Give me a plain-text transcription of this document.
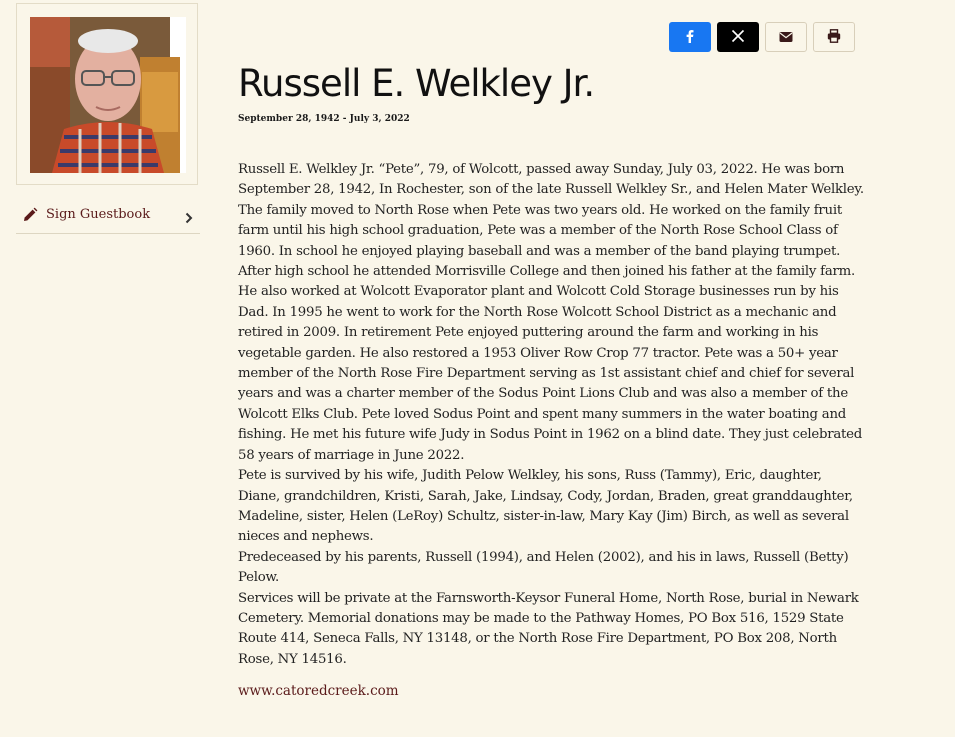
Sign Guestbook
Russell E. Welkley Jr.
September 28, 1942 - July 3, 2022

Russell E. Welkley Jr. “Pete”, 79, of Wolcott, passed away Sunday, July 03, 2022. He was born September 28, 1942, In Rochester, son of the late Russell Welkley Sr., and Helen Mater Welkley. The family moved to North Rose when Pete was two years old. He worked on the family fruit farm until his high school graduation, Pete was a member of the North Rose School Class of 1960. In school he enjoyed playing baseball and was a member of the band playing trumpet. After high school he attended Morrisville College and then joined his father at the family farm. He also worked at Wolcott Evaporator plant and Wolcott Cold Storage businesses run by his Dad. In 1995 he went to work for the North Rose Wolcott School District as a mechanic and retired in 2009. In retirement Pete enjoyed puttering around the farm and working in his vegetable garden. He also restored a 1953 Oliver Row Crop 77 tractor. Pete was a 50+ year member of the North Rose Fire Department serving as 1st assistant chief and chief for several years and was a charter member of the Sodus Point Lions Club and was also a member of the Wolcott Elks Club. Pete loved Sodus Point and spent many summers in the water boating and fishing. He met his future wife Judy in Sodus Point in 1962 on a blind date. They just celebrated 58 years of marriage in June 2022.

Pete is survived by his wife, Judith Pelow Welkley, his sons, Russ (Tammy), Eric, daughter, Diane, grandchildren, Kristi, Sarah, Jake, Lindsay, Cody, Jordan, Braden, great granddaughter, Madeline, sister, Helen (LeRoy) Schultz, sister-in-law, Mary Kay (Jim) Birch, as well as several nieces and nephews.

Predeceased by his parents, Russell (1994), and Helen (2002), and his in laws, Russell (Betty) Pelow.

Services will be private at the Farnsworth-Keysor Funeral Home, North Rose, burial in Newark Cemetery. Memorial donations may be made to the Pathway Homes, PO Box 516, 1529 State Route 414, Seneca Falls, NY 13148, or the North Rose Fire Department, PO Box 208, North Rose, NY 14516.

www.catoredcreek.com
